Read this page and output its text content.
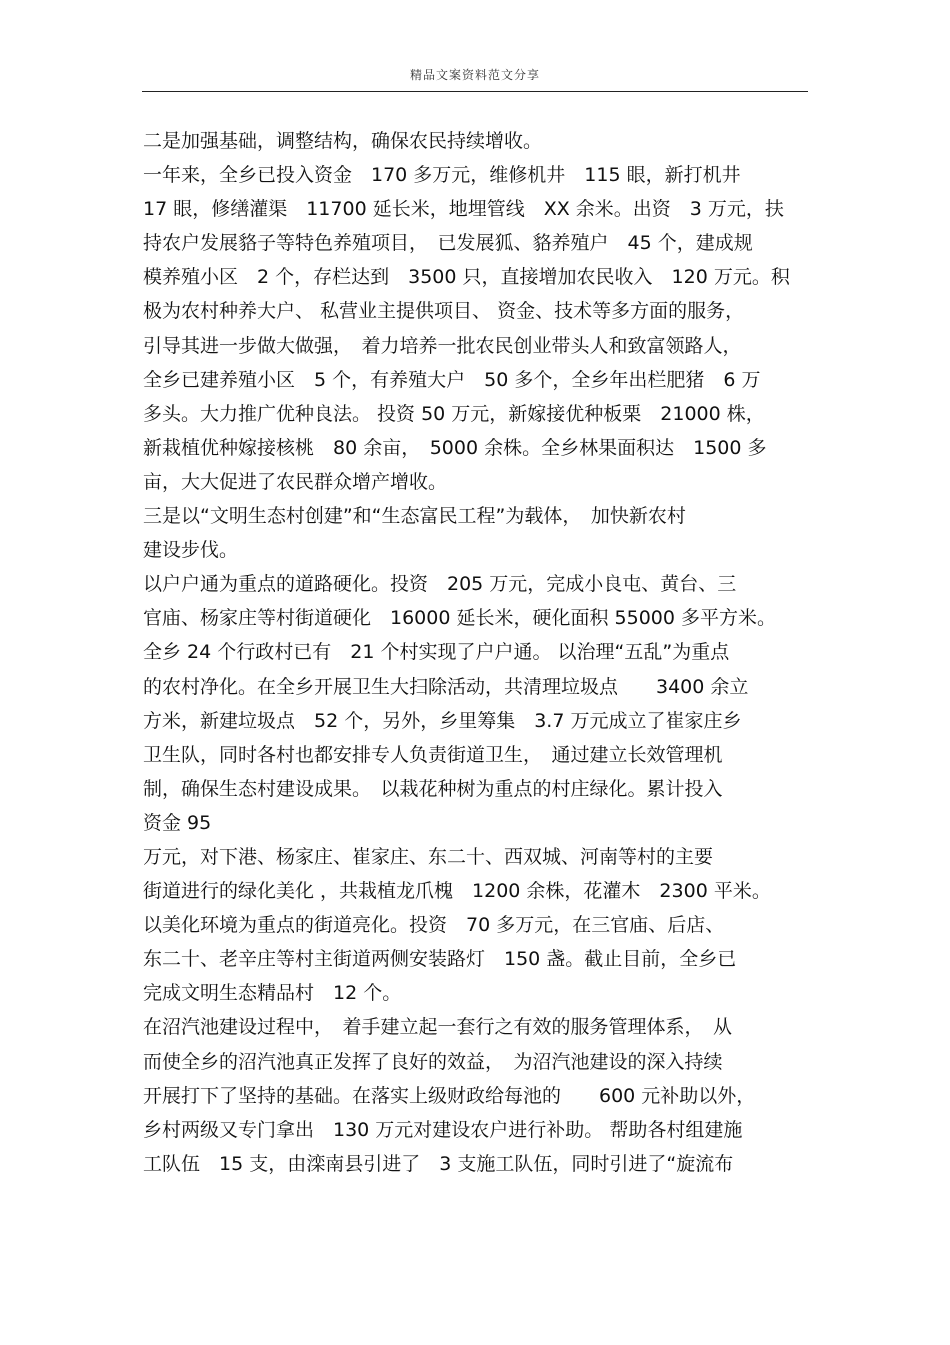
精品文案资料范文分享
二是加强基础，调整结构，确保农民持续增收。
一年来，全乡已投入资金　170 多万元，维修机井　115 眼，新打机井
17 眼，修缮灌渠　11700 延长米，地埋管线　XX 余米。出资　3 万元，扶
持农户发展貉子等特色养殖项目，　已发展狐、貉养殖户　45 个，建成规
模养殖小区　2 个，存栏达到　3500 只，直接增加农民收入　120 万元。积
极为农村种养大户、 私营业主提供项目、 资金、技术等多方面的服务，
引导其进一步做大做强，　着力培养一批农民创业带头人和致富领路人，
全乡已建养殖小区　5 个，有养殖大户　50 多个，全乡年出栏肥猪　6 万
多头。大力推广优种良法。 投资 50 万元，新嫁接优种板栗　21000 株，
新栽植优种嫁接核桃　80 余亩，　5000 余株。全乡林果面积达　1500 多
亩，大大促进了农民群众增产增收。
三是以“文明生态村创建”和“生态富民工程”为载体，　加快新农村
建设步伐。
以户户通为重点的道路硬化。投资　205 万元，完成小良屯、黄台、三
官庙、杨家庄等村街道硬化　16000 延长米，硬化面积 55000 多平方米。
全乡 24 个行政村已有　21 个村实现了户户通。 以治理“五乱”为重点
的农村净化。在全乡开展卫生大扫除活动，共清理垃圾点　　3400 余立
方米，新建垃圾点　52 个，另外，乡里筹集　3.7 万元成立了崔家庄乡
卫生队，同时各村也都安排专人负责街道卫生，　通过建立长效管理机
制，确保生态村建设成果。　以栽花种树为重点的村庄绿化。累计投入
资金 95
万元，对下港、杨家庄、崔家庄、东二十、西双城、河南等村的主要
街道进行的绿化美化 ，共栽植龙爪槐　1200 余株，花灌木　2300 平米。
以美化环境为重点的街道亮化。投资　70 多万元，在三官庙、后店、
东二十、老辛庄等村主街道两侧安装路灯　150 盏。截止目前，全乡已
完成文明生态精品村　12 个。
在沼汽池建设过程中，　着手建立起一套行之有效的服务管理体系，　从
而使全乡的沼汽池真正发挥了良好的效益，　为沼汽池建设的深入持续
开展打下了坚持的基础。在落实上级财政给每池的　　600 元补助以外，
乡村两级又专门拿出　130 万元对建设农户进行补助。 帮助各村组建施
工队伍　15 支，由滦南县引进了　3 支施工队伍，同时引进了“旋流布
